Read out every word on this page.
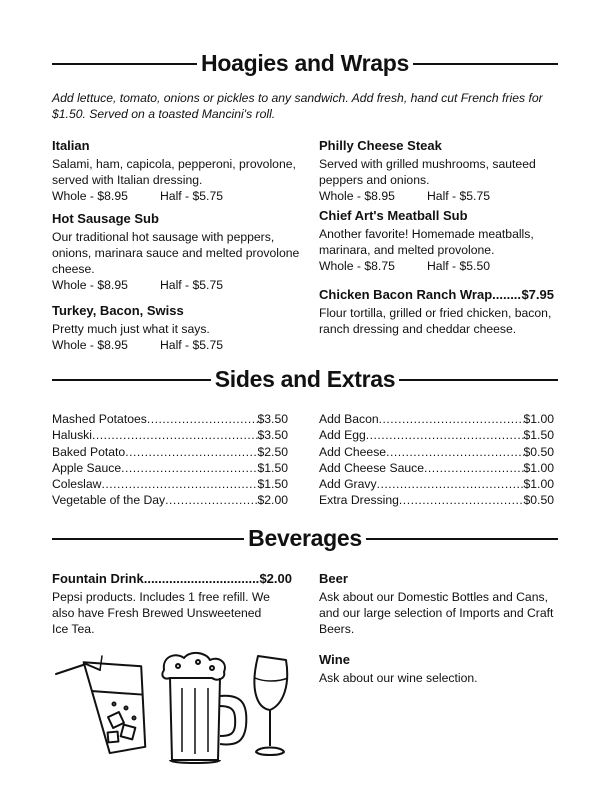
Hoagies and Wraps
Add lettuce, tomato, onions or pickles to any sandwich. Add fresh, hand cut French fries for $1.50. Served on a toasted Mancini's roll.
Italian
Salami, ham, capicola, pepperoni, provolone, served with Italian dressing.
Whole - $8.95	Half - $5.75
Hot Sausage Sub
Our traditional hot sausage with peppers, onions, marinara sauce and melted provolone cheese.
Whole - $8.95	Half - $5.75
Turkey, Bacon, Swiss
Pretty much just what it says.
Whole - $8.95	Half - $5.75
Philly Cheese Steak
Served with grilled mushrooms, sauteed peppers and onions.
Whole - $8.95	Half - $5.75
Chief Art's Meatball Sub
Another favorite! Homemade meatballs, marinara, and melted provolone.
Whole - $8.75	Half - $5.50
Chicken Bacon Ranch Wrap ..... $7.95
Flour tortilla, grilled or fried chicken, bacon, ranch dressing and cheddar cheese.
Sides and Extras
Mashed Potatoes .....	$3.50
Haluski .....	$3.50
Baked Potato .....	$2.50
Apple Sauce .....	$1.50
Coleslaw .....	$1.50
Vegetable of the Day .....	$2.00
Add Bacon .....	$1.00
Add Egg .....	$1.50
Add Cheese .....	$0.50
Add Cheese Sauce .....	$1.00
Add Gravy .....	$1.00
Extra Dressing .....	$0.50
Beverages
Fountain Drink .....	$2.00
Pepsi products. Includes 1 free refill. We also have Fresh Brewed Unsweetened Ice Tea.
Beer
Ask about our Domestic Bottles and Cans, and our large selection of Imports and Craft Beers.
Wine
Ask about our wine selection.
